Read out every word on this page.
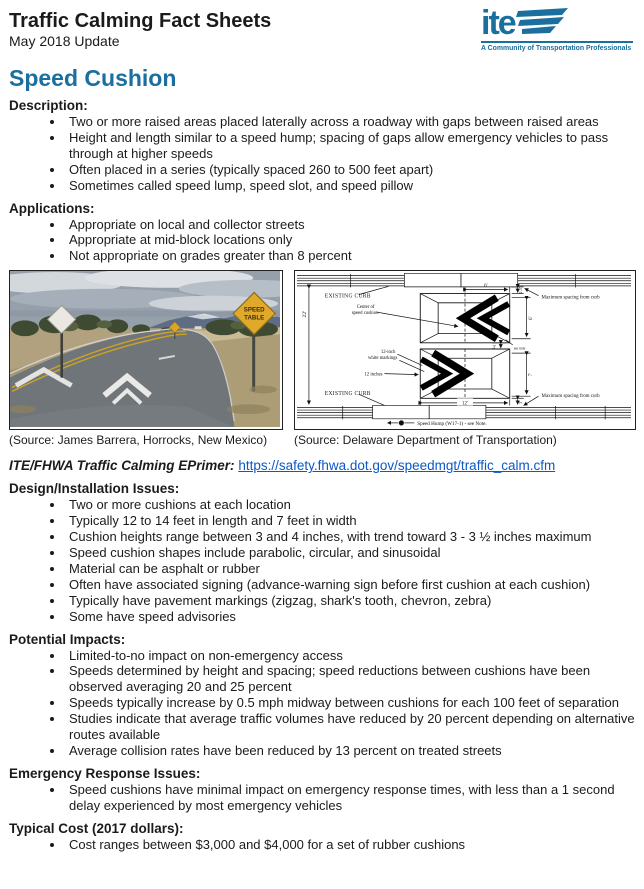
Traffic Calming Fact Sheets
May 2018 Update	ite
A Community of Transportation Professionals
Speed Cushion
Description:
• Two or more raised areas placed laterally across a roadway with gaps between raised areas
• Height and length similar to a speed hump; spacing of gaps allow emergency vehicles to pass through at higher speeds
• Often placed in a series (typically spaced 260 to 500 feet apart)
• Sometimes called speed lump, speed slot, and speed pillow
Applications:
• Appropriate on local and collector streets
• Appropriate at mid-block locations only
• Not appropriate on grades greater than 8 percent
SPEED
TABLE
(Source: James Barrera, Horrocks, New Mexico)
EXISTING CURB
EXISTING CURB
22'
Center of
speed cushion
6'
2.5'
6'
3'
7'
12'	3'
12-inch
white markings
12 inches
Maximum spacing from curb
Maximum spacing from curb
see note
Speed Hump (W17-1) - see Note.
(Source: Delaware Department of Transportation)

ITE/FHWA Traffic Calming EPrimer: https://safety.fhwa.dot.gov/speedmgt/traffic_calm.cfm

Design/Installation Issues:
• Two or more cushions at each location
• Typically 12 to 14 feet in length and 7 feet in width
• Cushion heights range between 3 and 4 inches, with trend toward 3 - 3 ½ inches maximum
• Speed cushion shapes include parabolic, circular, and sinusoidal
• Material can be asphalt or rubber
• Often have associated signing (advance-warning sign before first cushion at each cushion)
• Typically have pavement markings (zigzag, shark's tooth, chevron, zebra)
• Some have speed advisories
Potential Impacts:
• Limited-to-no impact on non-emergency access
• Speeds determined by height and spacing; speed reductions between cushions have been observed averaging 20 and 25 percent
• Speeds typically increase by 0.5 mph midway between cushions for each 100 feet of separation
• Studies indicate that average traffic volumes have reduced by 20 percent depending on alternative routes available
• Average collision rates have been reduced by 13 percent on treated streets
Emergency Response Issues:
• Speed cushions have minimal impact on emergency response times, with less than a 1 second delay experienced by most emergency vehicles
Typical Cost (2017 dollars):
• Cost ranges between $3,000 and $4,000 for a set of rubber cushions
